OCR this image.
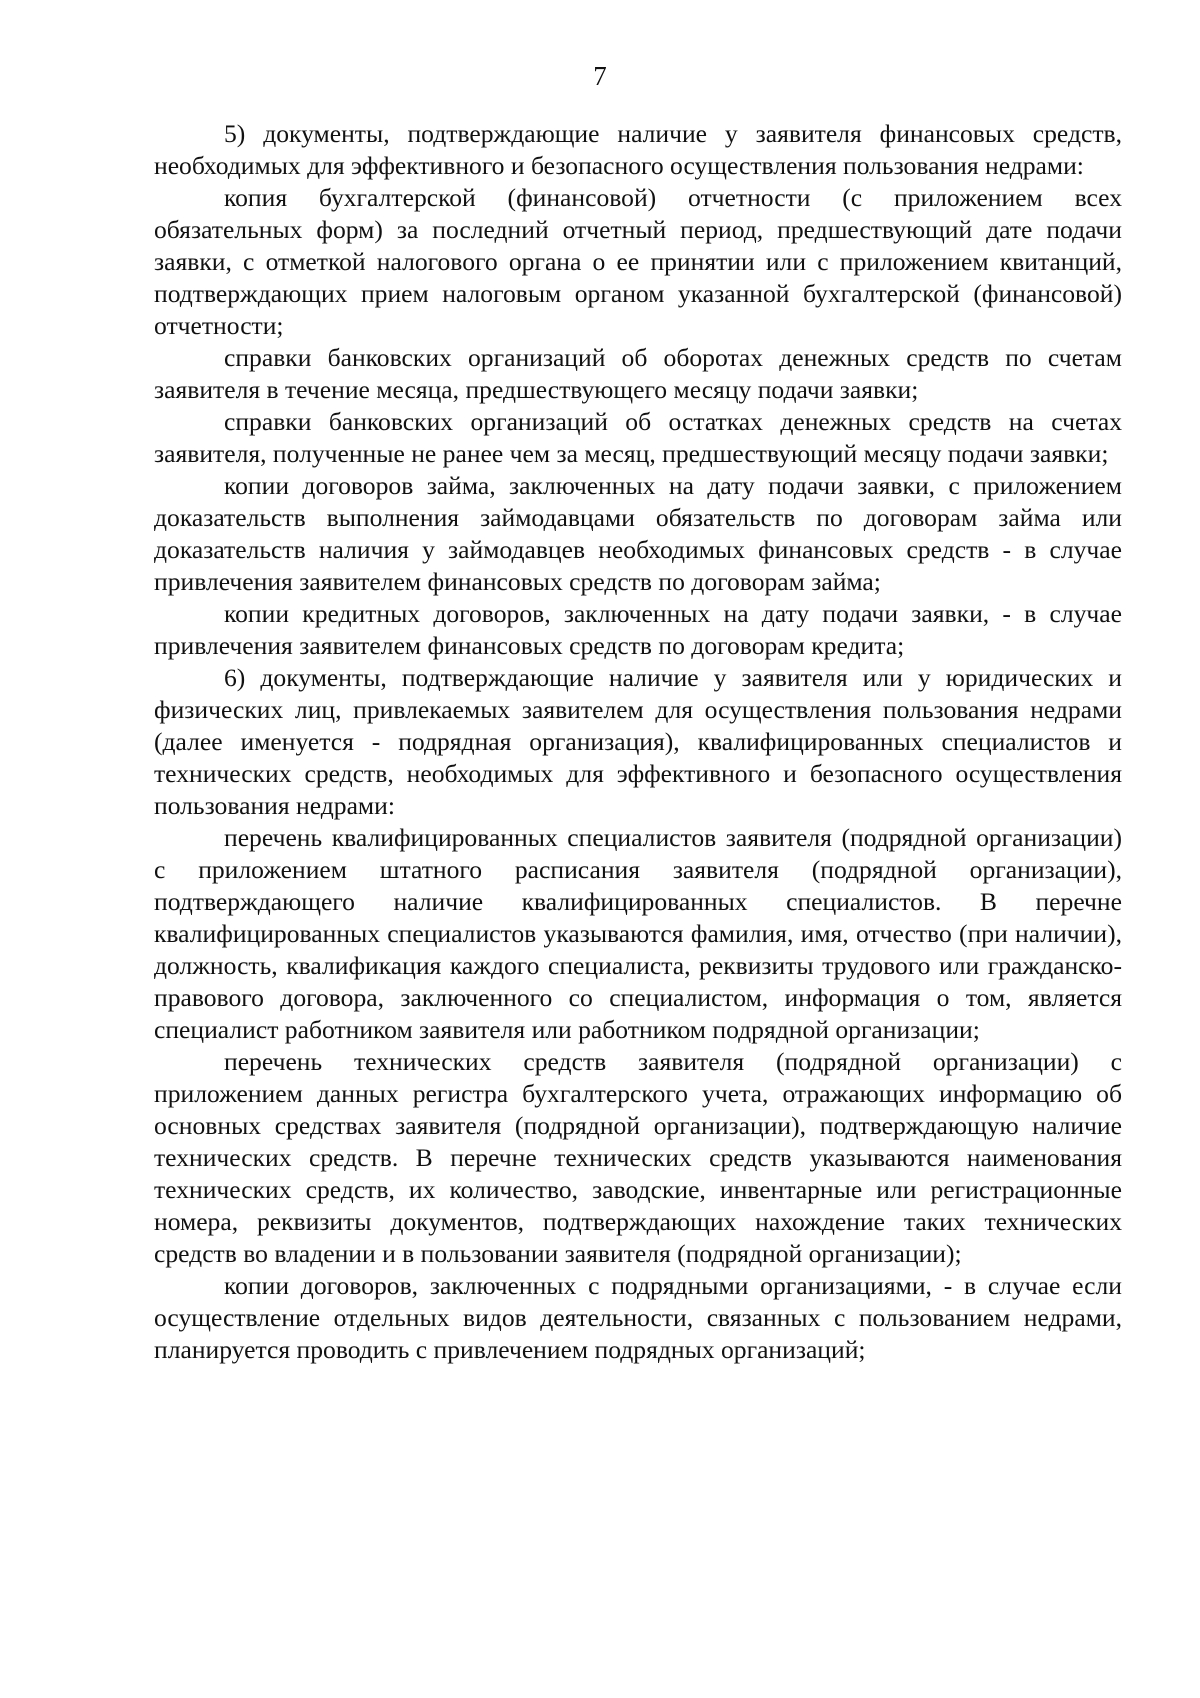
7

5) документы, подтверждающие наличие у заявителя финансовых средств, необходимых для эффективного и безопасного осуществления пользования недрами:

копия бухгалтерской (финансовой) отчетности (с приложением всех обязательных форм) за последний отчетный период, предшествующий дате подачи заявки, с отметкой налогового органа о ее принятии или с приложением квитанций, подтверждающих прием налоговым органом указанной бухгалтерской (финансовой) отчетности;

справки банковских организаций об оборотах денежных средств по счетам заявителя в течение месяца, предшествующего месяцу подачи заявки;

справки банковских организаций об остатках денежных средств на счетах заявителя, полученные не ранее чем за месяц, предшествующий месяцу подачи заявки;

копии договоров займа, заключенных на дату подачи заявки, с приложением доказательств выполнения займодавцами обязательств по договорам займа или доказательств наличия у займодавцев необходимых финансовых средств - в случае привлечения заявителем финансовых средств по договорам займа;

копии кредитных договоров, заключенных на дату подачи заявки, - в случае привлечения заявителем финансовых средств по договорам кредита;

6) документы, подтверждающие наличие у заявителя или у юридических и физических лиц, привлекаемых заявителем для осуществления пользования недрами (далее именуется - подрядная организация), квалифицированных специалистов и технических средств, необходимых для эффективного и безопасного осуществления пользования недрами:

перечень квалифицированных специалистов заявителя (подрядной организации) с приложением штатного расписания заявителя (подрядной организации), подтверждающего наличие квалифицированных специалистов. В перечне квалифицированных специалистов указываются фамилия, имя, отчество (при наличии), должность, квалификация каждого специалиста, реквизиты трудового или гражданско-правового договора, заключенного со специалистом, информация о том, является специалист работником заявителя или работником подрядной организации;

перечень технических средств заявителя (подрядной организации) с приложением данных регистра бухгалтерского учета, отражающих информацию об основных средствах заявителя (подрядной организации), подтверждающую наличие технических средств. В перечне технических средств указываются наименования технических средств, их количество, заводские, инвентарные или регистрационные номера, реквизиты документов, подтверждающих нахождение таких технических средств во владении и в пользовании заявителя (подрядной организации);

копии договоров, заключенных с подрядными организациями, - в случае если осуществление отдельных видов деятельности, связанных с пользованием недрами, планируется проводить с привлечением подрядных организаций;
